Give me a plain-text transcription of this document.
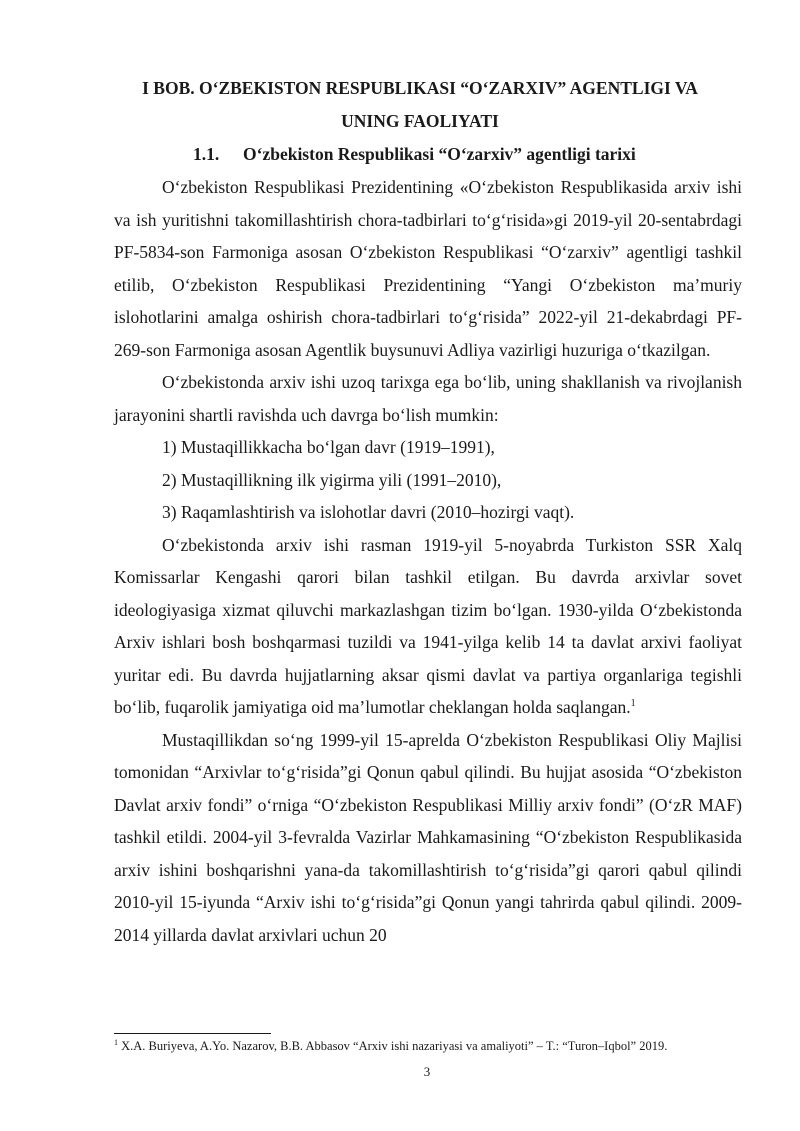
I BOB. O‘ZBEKISTON RESPUBLIKASI “O‘ZARXIV” AGENTLIGI VA
UNING FAOLIYATI
1.1. O‘zbekiston Respublikasi “O‘zarxiv” agentligi tarixi

O‘zbekiston Respublikasi Prezidentining «O‘zbekiston Respublikasida arxiv ishi va ish yuritishni takomillashtirish chora-tadbirlari to‘g‘risida»gi 2019-yil 20-sentabrdagi PF-5834-son Farmoniga asosan O‘zbekiston Respublikasi “O‘zarxiv” agentligi tashkil etilib, O‘zbekiston Respublikasi Prezidentining “Yangi O‘zbekiston ma’muriy islohotlarini amalga oshirish chora-tadbirlari to‘g‘risida” 2022-yil 21-dekabrdagi PF-269-son Farmoniga asosan Agentlik buysunuvi Adliya vazirligi huzuriga o‘tkazilgan.

O‘zbekistonda arxiv ishi uzoq tarixga ega bo‘lib, uning shakllanish va rivojlanish jarayonini shartli ravishda uch davrga bo‘lish mumkin:

1) Mustaqillikkacha bo‘lgan davr (1919–1991),
2) Mustaqillikning ilk yigirma yili (1991–2010),
3) Raqamlashtirish va islohotlar davri (2010–hozirgi vaqt).

O‘zbekistonda arxiv ishi rasman 1919-yil 5-noyabrda Turkiston SSR Xalq Komissarlar Kengashi qarori bilan tashkil etilgan. Bu davrda arxivlar sovet ideologiyasiga xizmat qiluvchi markazlashgan tizim bo‘lgan. 1930-yilda O‘zbekistonda Arxiv ishlari bosh boshqarmasi tuzildi va 1941-yilga kelib 14 ta davlat arxivi faoliyat yuritar edi. Bu davrda hujjatlarning aksar qismi davlat va partiya organlariga tegishli bo‘lib, fuqarolik jamiyatiga oid ma’lumotlar cheklangan holda saqlangan.$^1$

Mustaqillikdan so‘ng 1999-yil 15-aprelda O‘zbekiston Respublikasi Oliy Majlisi tomonidan “Arxivlar to‘g‘risida”gi Qonun qabul qilindi. Bu hujjat asosida “O‘zbekiston Davlat arxiv fondi” o‘rniga “O‘zbekiston Respublikasi Milliy arxiv fondi” (O‘zR MAF) tashkil etildi. 2004-yil 3-fevralda Vazirlar Mahkamasining “O‘zbekiston Respublikasida arxiv ishini boshqarishni yana-da takomillashtirish to‘g‘risida”gi qarori qabul qilindi 2010-yil 15-iyunda “Arxiv ishi to‘g‘risida”gi Qonun yangi tahrirda qabul qilindi. 2009-2014 yillarda davlat arxivlari uchun 20

$^1$ X.A. Buriyeva, A.Yo. Nazarov, B.B. Abbasov “Arxiv ishi nazariyasi va amaliyoti” – T.: “Turon–Iqbol” 2019.
3
